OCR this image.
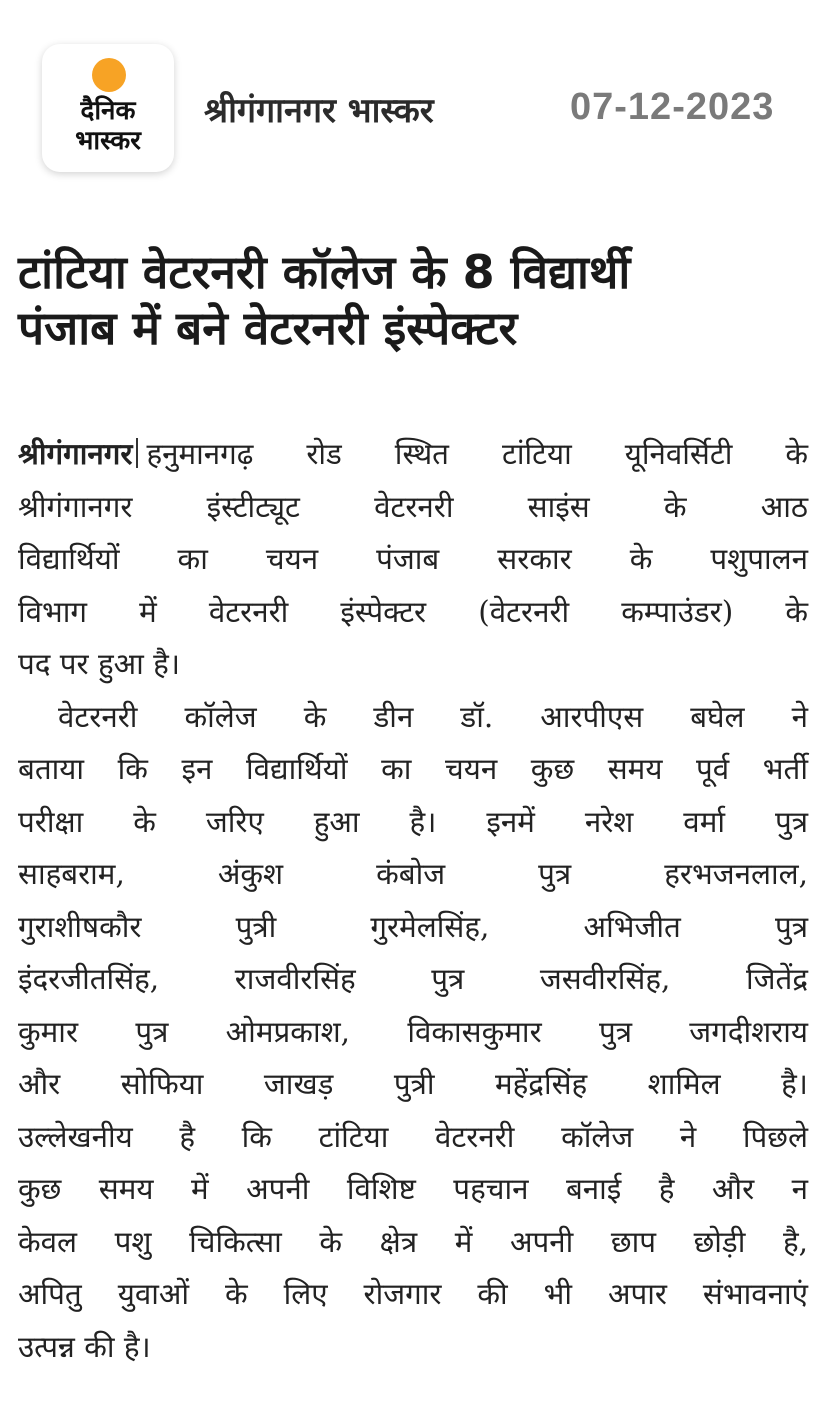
दैनिक
भास्कर
श्रीगंगानगर भास्कर	07-12-2023
टांटिया वेटरनरी कॉलेज के 8 विद्यार्थी
पंजाब में बने वेटरनरी इंस्पेक्टर
श्रीगंगानगर हनुमानगढ़ रोड स्थित टांटिया यूनिवर्सिटी के
श्रीगंगानगर इंस्टीट्यूट वेटरनरी साइंस के आठ
विद्यार्थियों का चयन पंजाब सरकार के पशुपालन
विभाग में वेटरनरी इंस्पेक्टर (वेटरनरी कम्पाउंडर) के
पद पर हुआ है।
वेटरनरी कॉलेज के डीन डॉ. आरपीएस बघेल ने
बताया कि इन विद्यार्थियों का चयन कुछ समय पूर्व भर्ती
परीक्षा के जरिए हुआ है। इनमें नरेश वर्मा पुत्र
साहबराम, अंकुश कंबोज पुत्र हरभजनलाल,
गुराशीषकौर पुत्री गुरमेलसिंह, अभिजीत पुत्र
इंदरजीतसिंह, राजवीरसिंह पुत्र जसवीरसिंह, जितेंद्र
कुमार पुत्र ओमप्रकाश, विकासकुमार पुत्र जगदीशराय
और सोफिया जाखड़ पुत्री महेंद्रसिंह शामिल है।
उल्लेखनीय है कि टांटिया वेटरनरी कॉलेज ने पिछले
कुछ समय में अपनी विशिष्ट पहचान बनाई है और न
केवल पशु चिकित्सा के क्षेत्र में अपनी छाप छोड़ी है,
अपितु युवाओं के लिए रोजगार की भी अपार संभावनाएं
उत्पन्न की है।
